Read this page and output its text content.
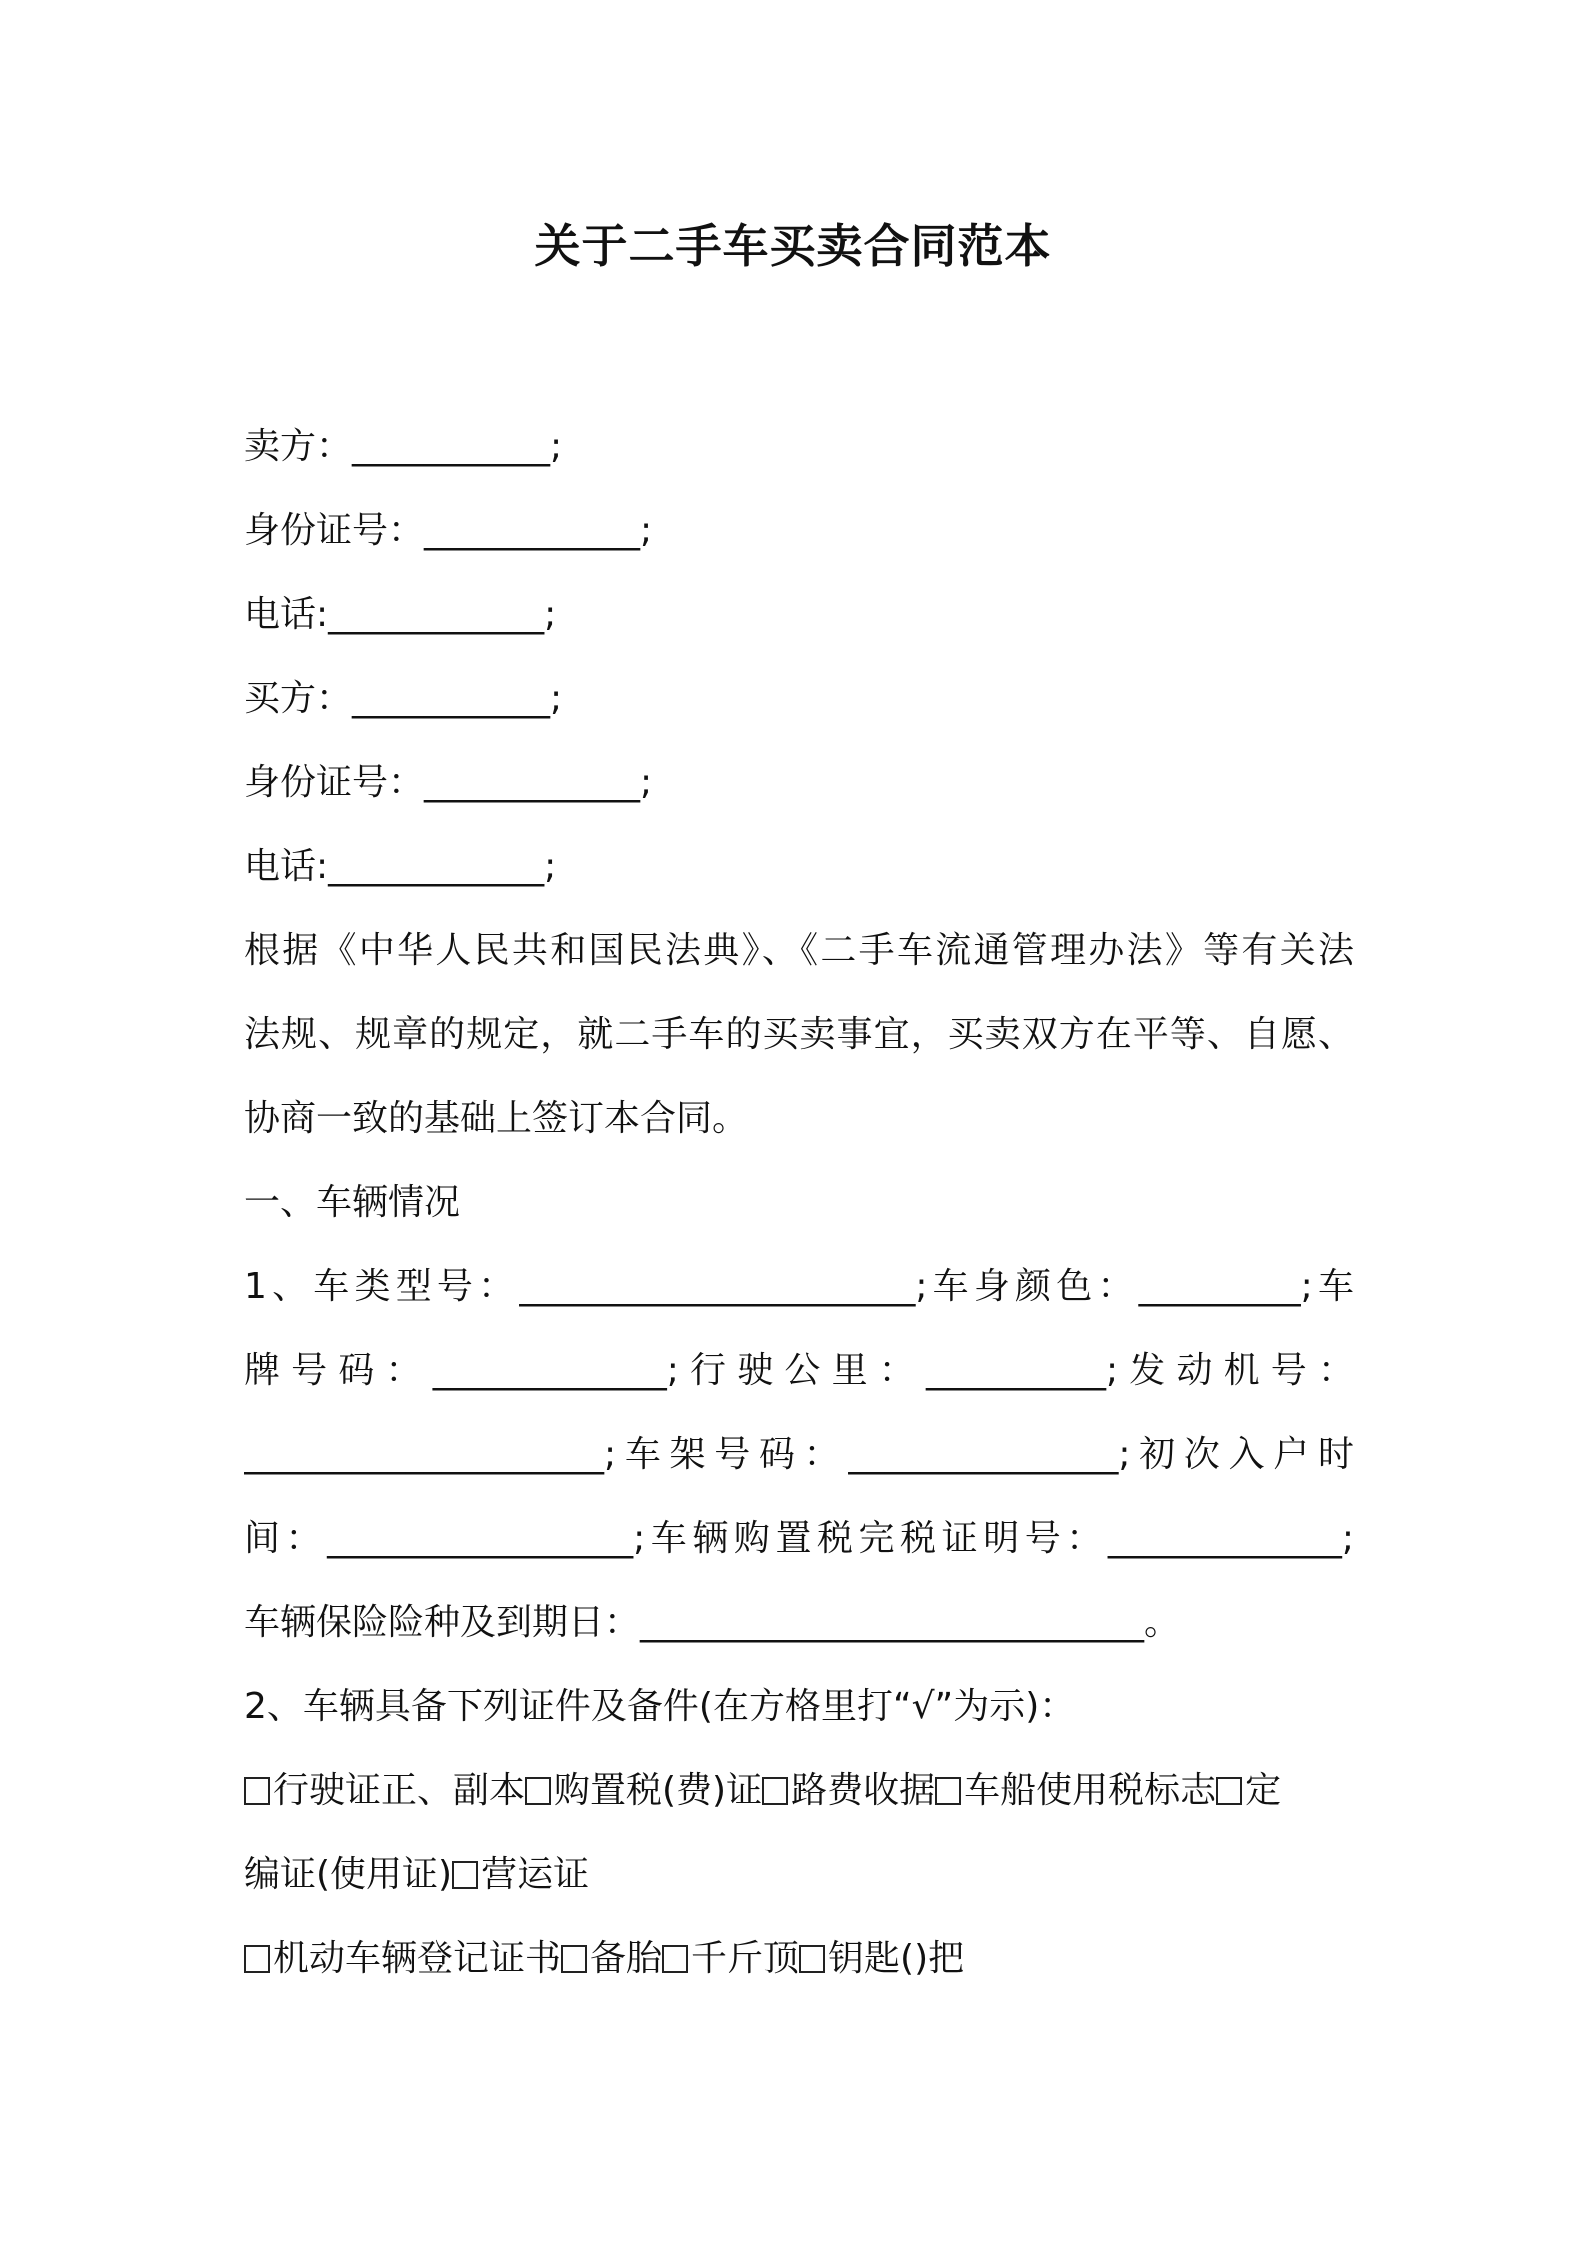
关于二手车买卖合同范本
卖方：___________;
身份证号：____________;
电话:____________;
买方：___________;
身份证号：____________;
电话:____________;
根据《中华人民共和国民法典》、《二手车流通管理办法》等有关法
法规、规章的规定，就二手车的买卖事宜，买卖双方在平等、自愿、
协商一致的基础上签订本合同。
一、车辆情况
1、车类型号：______________________;车身颜色：_________;车
牌号码：_____________;行驶公里：__________;发动机号：
____________________;车架号码：_______________;初次入户时
间：_________________;车辆购置税完税证明号：_____________;
车辆保险险种及到期日：____________________________。
2、车辆具备下列证件及备件(在方格里打“√”为示)：
行驶证正、副本 购置税(费)证 路费收据 车船使用税标志 定
编证(使用证) 营运证
机动车辆登记证书 备胎 千斤顶 钥匙()把
